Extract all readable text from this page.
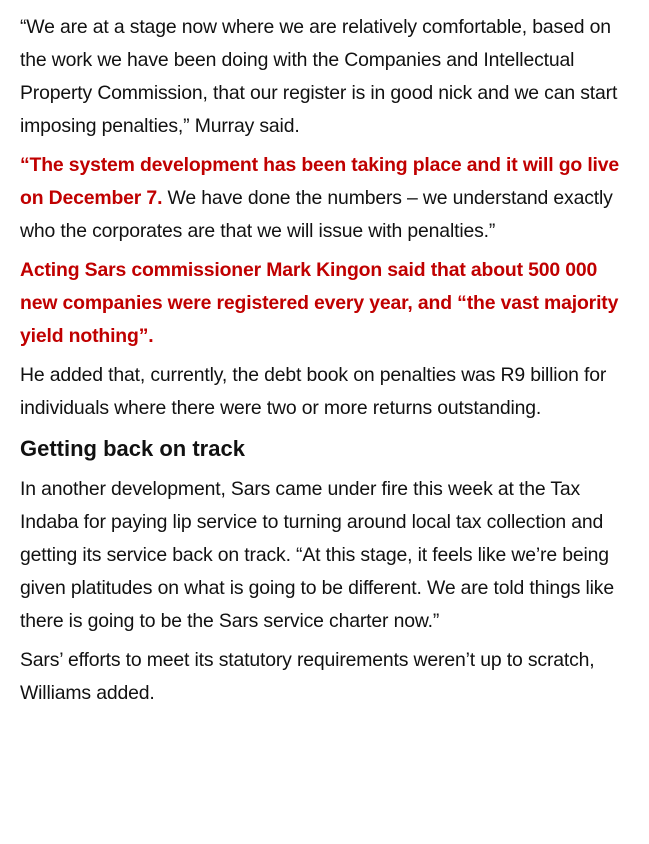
“We are at a stage now where we are relatively comfortable, based on the work we have been doing with the Companies and Intellectual Property Commission, that our register is in good nick and we can start imposing penalties,” Murray said.

“The system development has been taking place and it will go live on December 7. We have done the numbers – we understand exactly who the corporates are that we will issue with penalties.”

Acting Sars commissioner Mark Kingon said that about 500 000 new companies were registered every year, and “the vast majority yield nothing”.

He added that, currently, the debt book on penalties was R9 billion for individuals where there were two or more returns outstanding.

Getting back on track

In another development, Sars came under fire this week at the Tax Indaba for paying lip service to turning around local tax collection and getting its service back on track. “At this stage, it feels like we’re being given platitudes on what is going to be different. We are told things like there is going to be the Sars service charter now.”

Sars’ efforts to meet its statutory requirements weren’t up to scratch, Williams added.
